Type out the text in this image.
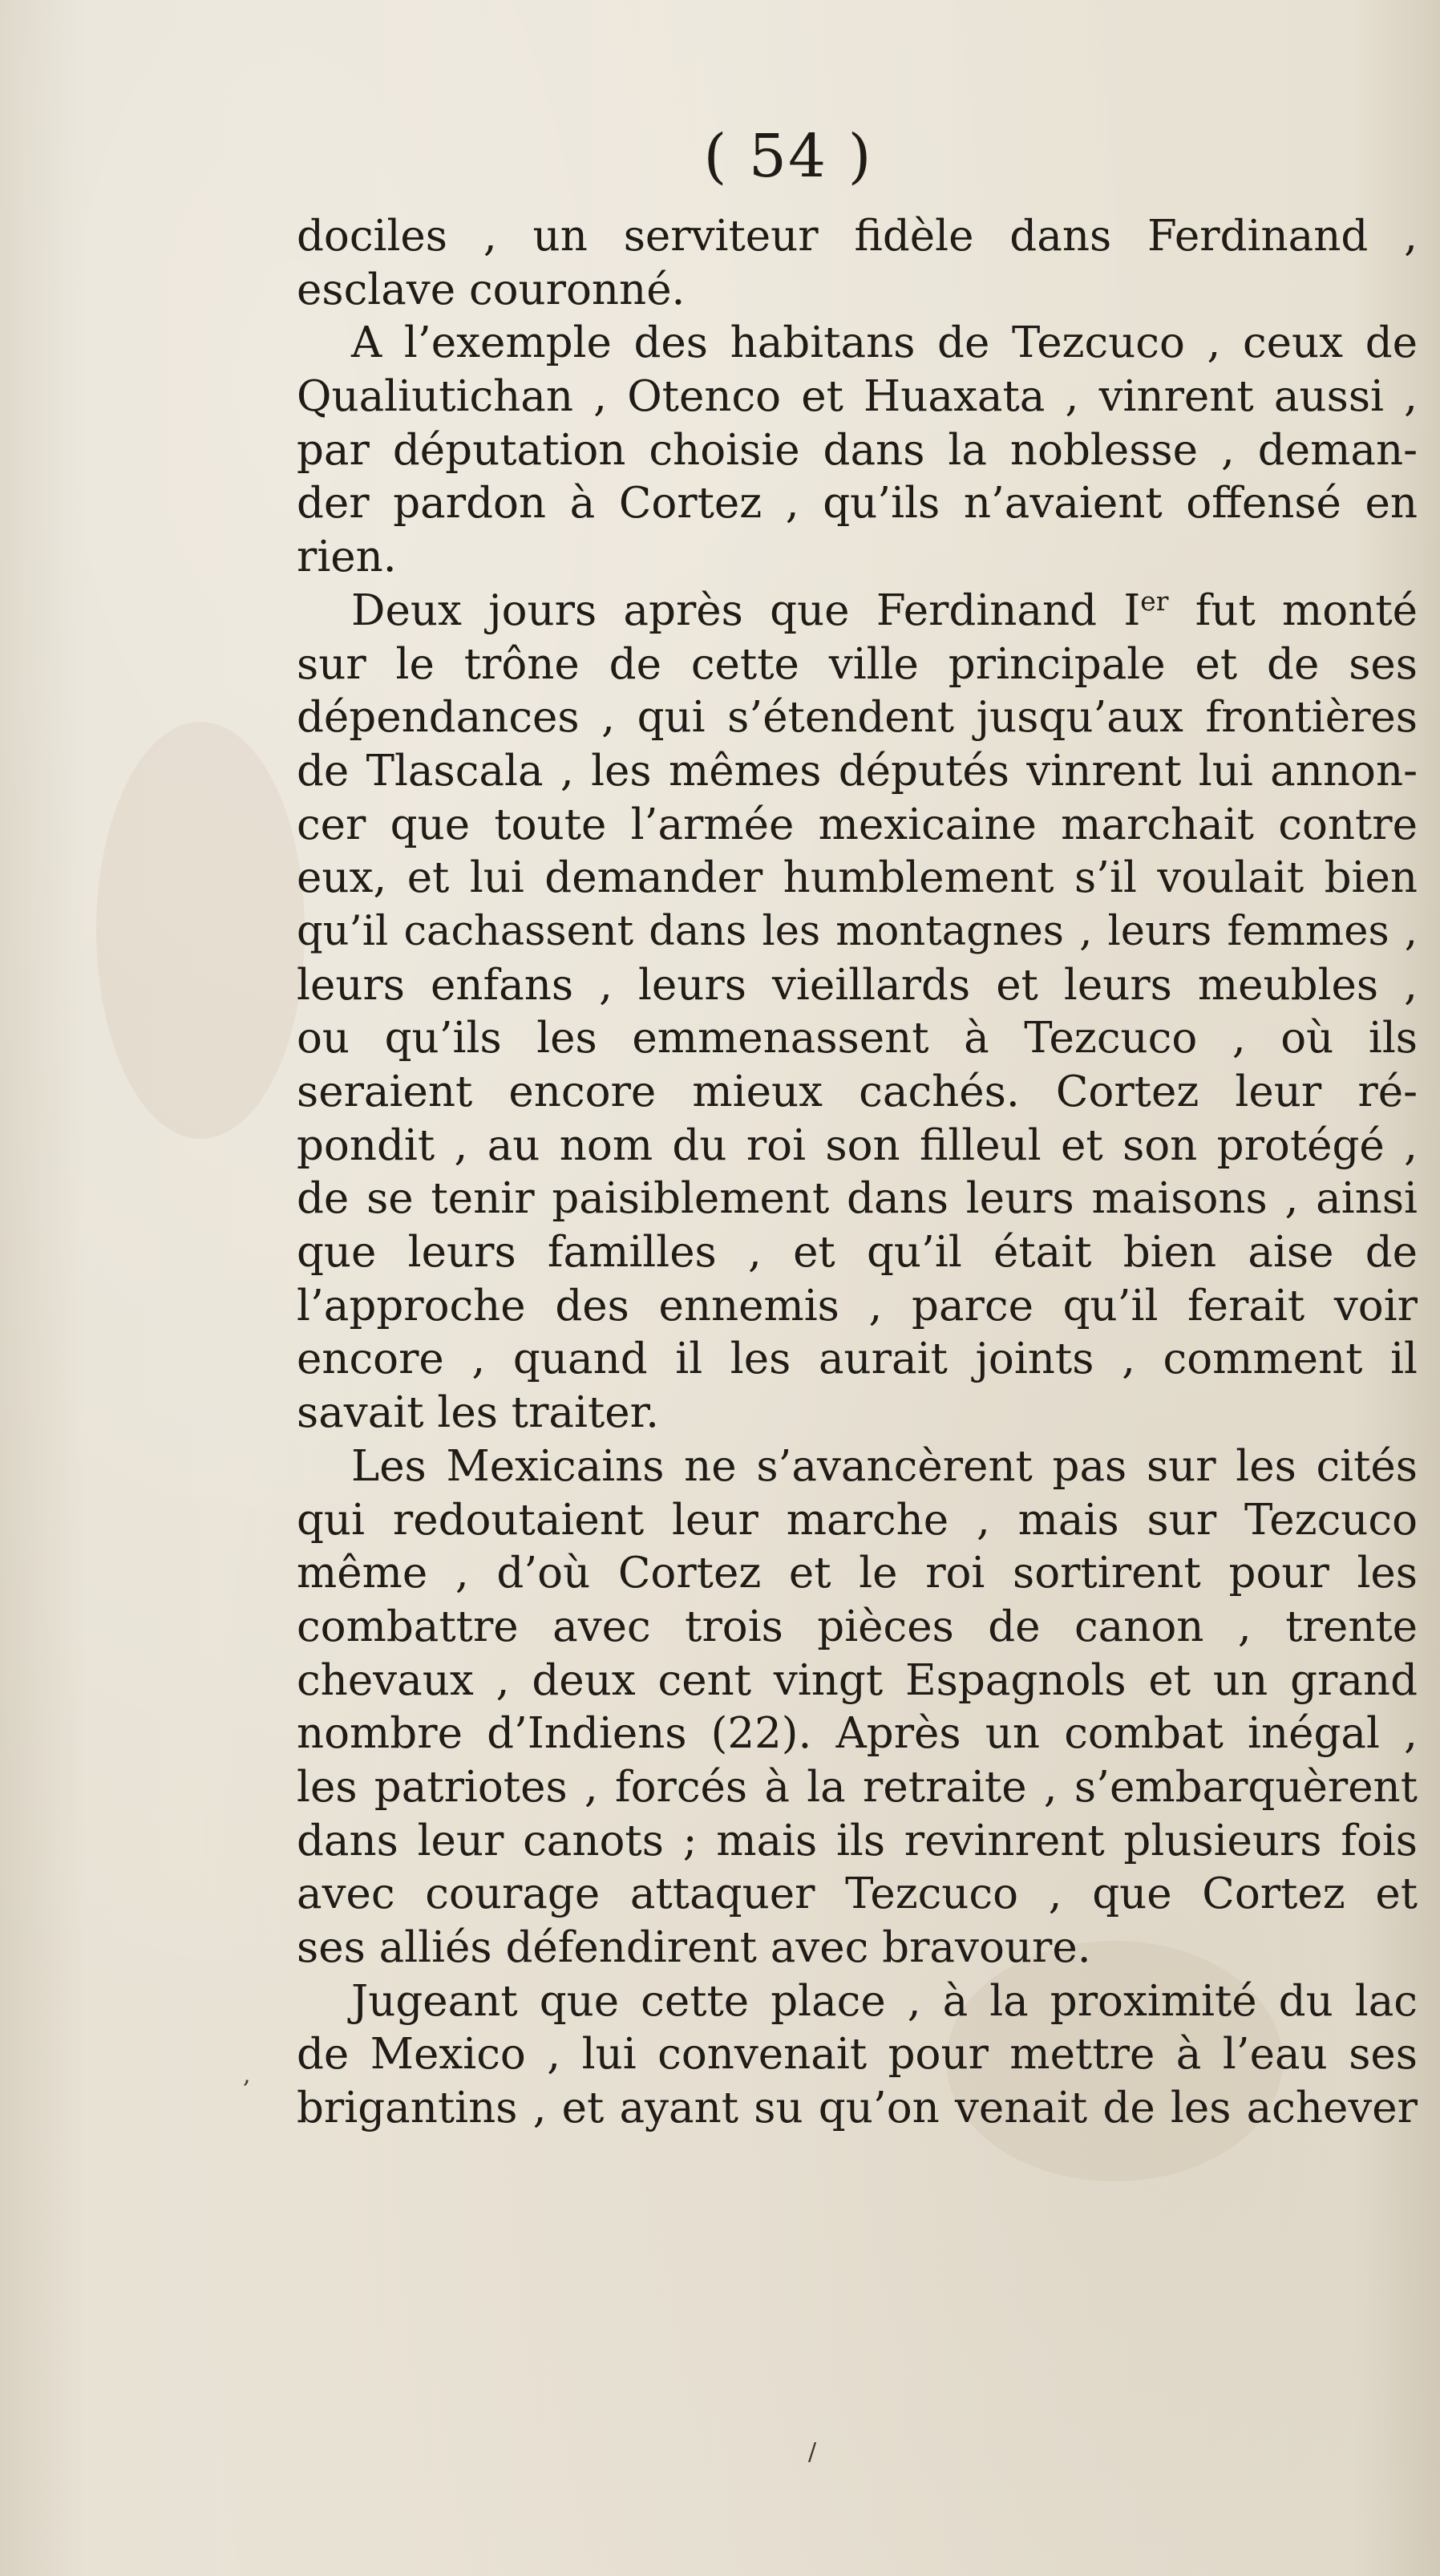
( 54 )
dociles , un serviteur fidèle dans Ferdinand ,
esclave couronné.
A l’exemple des habitans de Tezcuco , ceux de
Qualiutichan , Otenco et Huaxata , vinrent aussi ,
par députation choisie dans la noblesse , deman-
der pardon à Cortez , qu’ils n’avaient offensé en
rien.
Deux jours après que Ferdinand Ier fut monté
sur le trône de cette ville principale et de ses
dépendances , qui s’étendent jusqu’aux frontières
de Tlascala , les mêmes députés vinrent lui annon-
cer que toute l’armée mexicaine marchait contre
eux, et lui demander humblement s’il voulait bien
qu’il cachassent dans les montagnes , leurs femmes ,
leurs enfans , leurs vieillards et leurs meubles ,
ou qu’ils les emmenassent à Tezcuco , où ils
seraient encore mieux cachés. Cortez leur ré-
pondit , au nom du roi son filleul et son protégé ,
de se tenir paisiblement dans leurs maisons , ainsi
que leurs familles , et qu’il était bien aise de
l’approche des ennemis , parce qu’il ferait voir
encore , quand il les aurait joints , comment il
savait les traiter.
Les Mexicains ne s’avancèrent pas sur les cités
qui redoutaient leur marche , mais sur Tezcuco
même , d’où Cortez et le roi sortirent pour les
combattre avec trois pièces de canon , trente
chevaux , deux cent vingt Espagnols et un grand
nombre d’Indiens (22). Après un combat inégal ,
les patriotes , forcés à la retraite , s’embarquèrent
dans leur canots ; mais ils revinrent plusieurs fois
avec courage attaquer Tezcuco , que Cortez et
ses alliés défendirent avec bravoure.
Jugeant que cette place , à la proximité du lac
de Mexico , lui convenait pour mettre à l’eau ses
brigantins , et ayant su qu’on venait de les achever
,
/
